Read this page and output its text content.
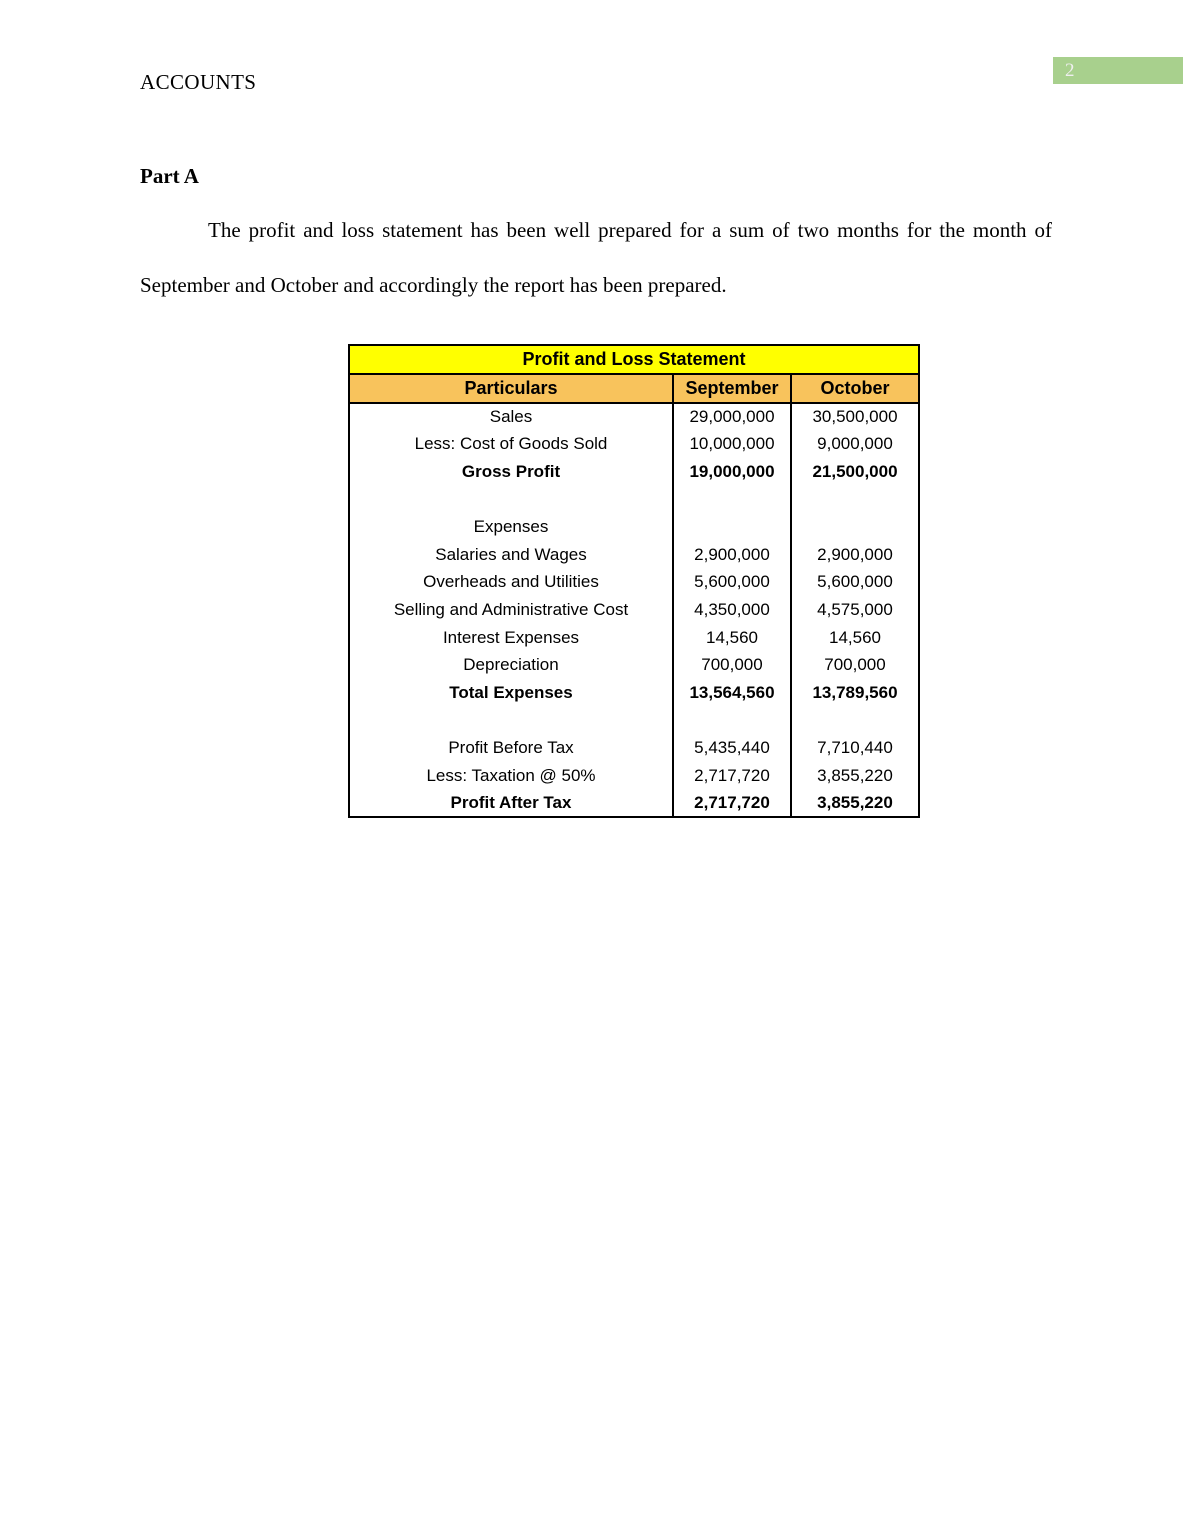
ACCOUNTS	2
Part A
The profit and loss statement has been well prepared for a sum of two months for the month of September and October and accordingly the report has been prepared.
Profit and Loss Statement		
Particulars	September	October
Sales	29,000,000	30,500,000
Less: Cost of Goods Sold	10,000,000	9,000,000
Gross Profit	19,000,000	21,500,000

Expenses		
Salaries and Wages	2,900,000	2,900,000
Overheads and Utilities	5,600,000	5,600,000
Selling and Administrative Cost	4,350,000	4,575,000
Interest Expenses	14,560	14,560
Depreciation	700,000	700,000
Total Expenses	13,564,560	13,789,560

Profit Before Tax	5,435,440	7,710,440
Less: Taxation @ 50%	2,717,720	3,855,220
Profit After Tax	2,717,720	3,855,220
